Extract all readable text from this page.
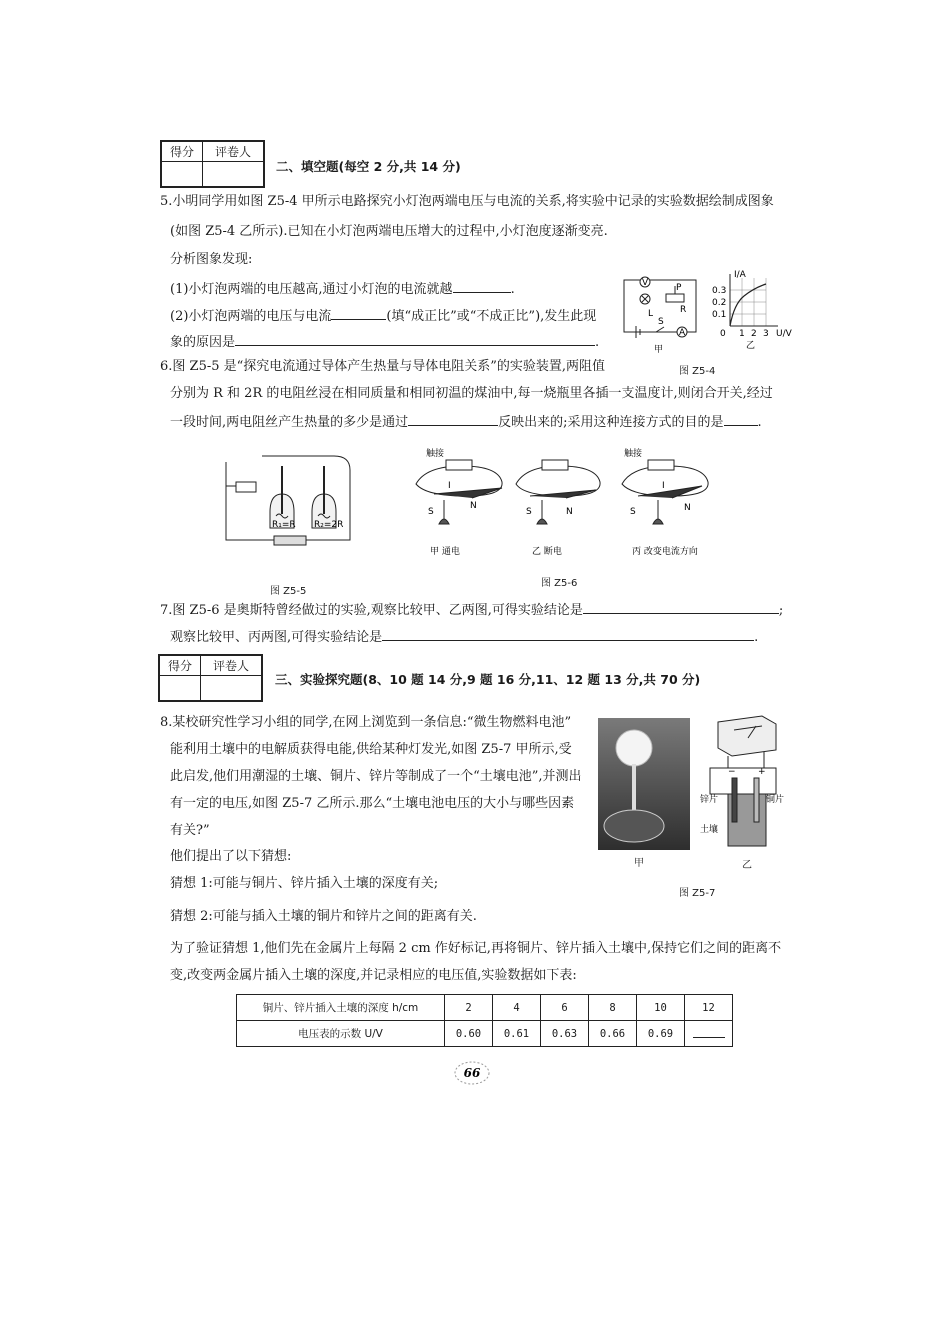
得分	评卷人

二、填空题(每空 2 分,共 14 分)
5.小明同学用如图 Z5-4 甲所示电路探究小灯泡两端电压与电流的关系,将实验中记录的实验数据绘制成图象
(如图 Z5-4 乙所示).已知在小灯泡两端电压增大的过程中,小灯泡度逐渐变亮.
分析图象发现:
(1)小灯泡两端的电压越高,通过小灯泡的电流就越	.
(2)小灯泡两端的电压与电流	(填“成正比”或“不成正比”),发生此现
象的原因是	.
V
A
L
S
P
R
甲
I/A
U/V
0.3
0.2
0.1
0 1 2 3
乙
图 Z5-4
6.图 Z5-5 是“探究电流通过导体产生热量与导体电阻关系”的实验装置,两阻值
分别为 R 和 2R 的电阻丝浸在相同质量和相同初温的煤油中,每一烧瓶里各插一支温度计,则闭合开关,经过
一段时间,两电阻丝产生热量的多少是通过	反映出来的;采用这种连接方式的目的是	.
R₁=R R₂=2R
图 Z5-5
触接
I
S
N
甲 通电
S	N
乙 断电
触接
I
S	N
丙 改变电流方向
图 Z5-6
7.图 Z5-6 是奥斯特曾经做过的实验,观察比较甲、乙两图,可得实验结论是	;
观察比较甲、丙两图,可得实验结论是	.
得分	评卷人

三、实验探究题(8、10 题 14 分,9 题 16 分,11、12 题 13 分,共 70 分)
8.某校研究性学习小组的同学,在网上浏览到一条信息:“微生物燃料电池”
能利用土壤中的电解质获得电能,供给某种灯发光,如图 Z5-7 甲所示,受
此启发,他们用潮湿的土壤、铜片、锌片等制成了一个“土壤电池”,并测出
有一定的电压,如图 Z5-7 乙所示.那么“土壤电池电压的大小与哪些因素
有关?”
他们提出了以下猜想:
猜想 1:可能与铜片、锌片插入土壤的深度有关;
猜想 2:可能与插入土壤的铜片和锌片之间的距离有关.
为了验证猜想 1,他们先在金属片上每隔 2 cm 作好标记,再将铜片、锌片插入土壤中,保持它们之间的距离不
变,改变两金属片插入土壤的深度,并记录相应的电压值,实验数据如下表:
甲
− +
锌片	铜片
土壤
乙
图 Z5-7
铜片、锌片插入土壤的深度 h/cm	2	4	6	8	10	12
电压表的示数 U/V	0.60	0.61	0.63	0.66	0.69	
66
